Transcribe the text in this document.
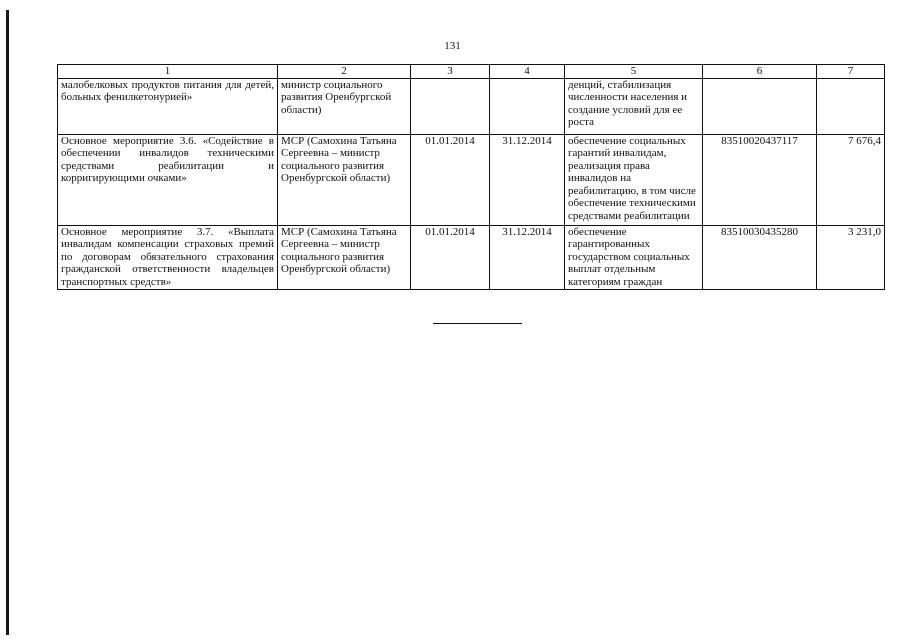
131
1	2	3	4	5	6	7
малобелковых продуктов питания для детей, больных фенилкетонурией»	министр социального развития Оренбургской области)			денций, стабилизация численности населения и создание условий для ее роста		
Основное мероприятие 3.6. «Содействие в обеспечении инвалидов техническими средствами реабилитации и корригирующими очками»	МСР (Самохина Татьяна Сергеевна – министр социального развития Оренбургской области)	01.01.2014	31.12.2014	обеспечение социальных гарантий инвалидам, реализация права инвалидов на реабилитацию, в том числе обеспечение техническими средствами реабилитации	83510020437117	7 676,4
Основное мероприятие 3.7. «Выплата инвалидам компенсации страховых премий по договорам обязательного страхования гражданской ответственности владельцев транспортных средств»	МСР (Самохина Татьяна Сергеевна – министр социального развития Оренбургской области)	01.01.2014	31.12.2014	обеспечение гарантированных государством социальных выплат отдельным категориям граждан	83510030435280	3 231,0
